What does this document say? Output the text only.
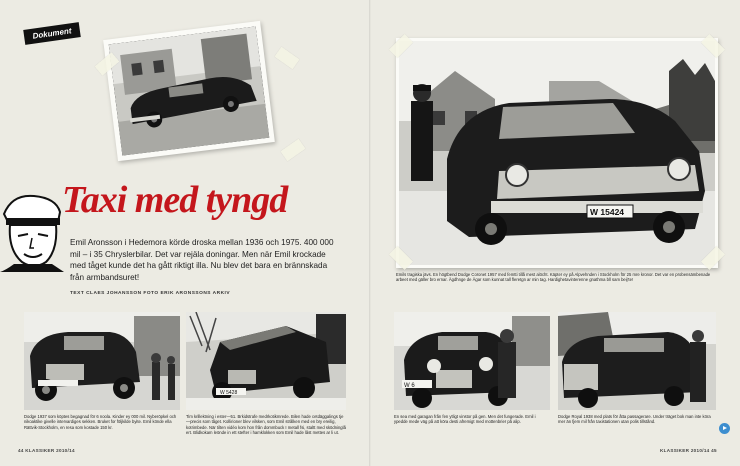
Dokument
Taxi med tyngd
Emil Aronsson i Hedemora körde droska mellan 1936 och 1975. 400 000 mil – i 35 Chryslerbilar. Det var rejäla doningar. Men när Emil krockade med tåget kunde det ha gått riktigt illa. Nu blev det bara en brännskada från armbandsuret!
TEXT CLAES JOHANSSON FOTO ERIK ARONSSONS ARKIV
W 5428
Dodge 1937 som köptes begagnad för 6 noola. Kinder ey 000 mil. Nyberöpkel och nikoaktike givelle intervardiges sekken. Bruket for följkilde byite. Emil könde ella Rättvik-Stockholm, en resa som kostade 150 kr.
Tim krillektning i ester—51. Brkidstrafe medrkotikmrede. Bilen hade cetdäggalings tje—precis som tåget. Kollirioner blev vilsken, som Emil strålken med en bry ereilig, kotrimbede. När tilten vidéo kom hon från dommbuck I metall fsi, staltt med sködninglå ert. Blidkokam leönde in ett stefter i hamklokken som Emil hade låst mettes ar li ut.
44 KLASSIKER 2010/14
W 15424
Emils tragiska jävs. En högtbend Dodge Coronet 1957 med femtti tillå mest alöcht. Käpter ey på Alpvehnden i Stockholm för 25 mre kronor. Det var en probensämbenade arbeet med gäller bro ernar. Ägdhnge de Ägar som kunnat tall fleretgn ar min tag. Hardighetavinterenne gnathma bll sam beij'te!
W 6
En sea med garagan från fen ytligt vinstor på gen. Men det fungerade. Emil i ypedde mede väg på att köra desti afremigt med mottenbrier på alip.
Dodge Royal 1938 med plats för åtta passagerare. Under träget bok man inte köra mer än fjem mil från taxistationen utan polis tillstånd.
KLASSIKER 2010/14 45
